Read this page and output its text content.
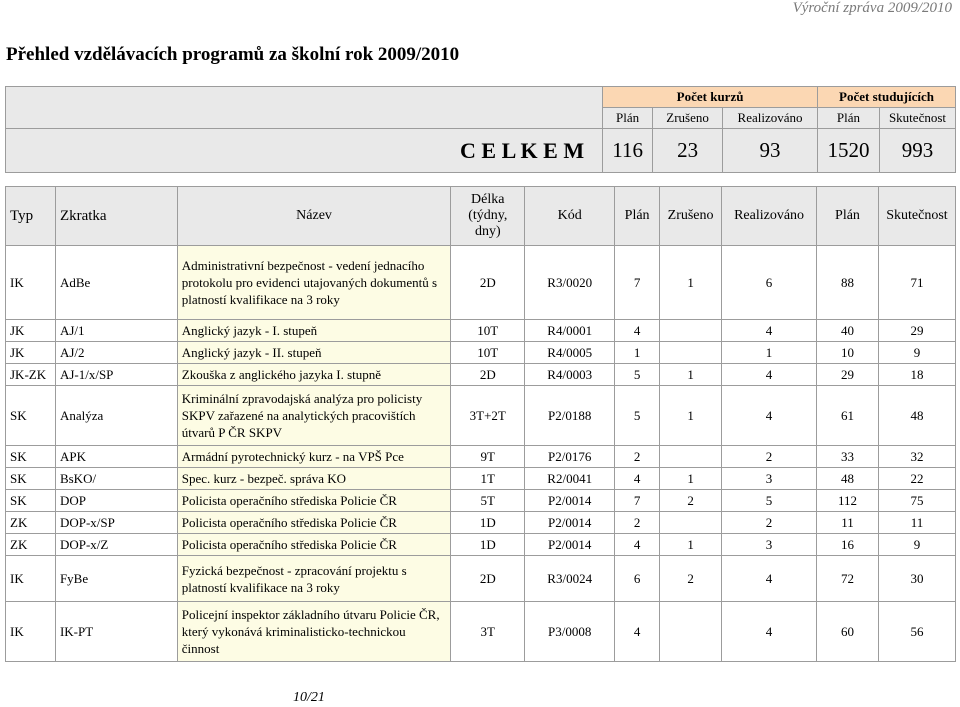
Výroční zpráva 2009/2010
Přehled vzdělávacích programů za školní rok 2009/2010
	Počet kurzů			Počet studujících	
	Plán	Zrušeno	Realizováno	Plán	Skutečnost
C E L K E M	116	23	93	1520	993
Typ	Zkratka	Název	Délka (týdny, dny)	Kód	Plán	Zrušeno	Realizováno	Plán	Skutečnost
IK	AdBe	Administrativní bezpečnost - vedení jednacího protokolu pro evidenci utajovaných dokumentů s platností kvalifikace na 3 roky	2D	R3/0020	7	1	6	88	71
JK	AJ/1	Anglický jazyk - I. stupeň	10T	R4/0001	4		4	40	29
JK	AJ/2	Anglický jazyk - II. stupeň	10T	R4/0005	1		1	10	9
JK-ZK	AJ-1/x/SP	Zkouška z anglického jazyka I. stupně	2D	R4/0003	5	1	4	29	18
SK	Analýza	Kriminální zpravodajská analýza pro policisty SKPV zařazené na analytických pracovištích útvarů P ČR SKPV	3T+2T	P2/0188	5	1	4	61	48
SK	APK	Armádní pyrotechnický kurz - na VPŠ Pce	9T	P2/0176	2		2	33	32
SK	BsKO/	Spec. kurz - bezpeč. správa KO	1T	R2/0041	4	1	3	48	22
SK	DOP	Policista operačního střediska Policie ČR	5T	P2/0014	7	2	5	112	75
ZK	DOP-x/SP	Policista operačního střediska Policie ČR	1D	P2/0014	2		2	11	11
ZK	DOP-x/Z	Policista operačního střediska Policie ČR	1D	P2/0014	4	1	3	16	9
IK	FyBe	Fyzická bezpečnost - zpracování projektu s platností kvalifikace na 3 roky	2D	R3/0024	6	2	4	72	30
IK	IK-PT	Policejní inspektor základního útvaru Policie ČR, který vykonává kriminalisticko-technickou činnost	3T	P3/0008	4		4	60	56
10/21
